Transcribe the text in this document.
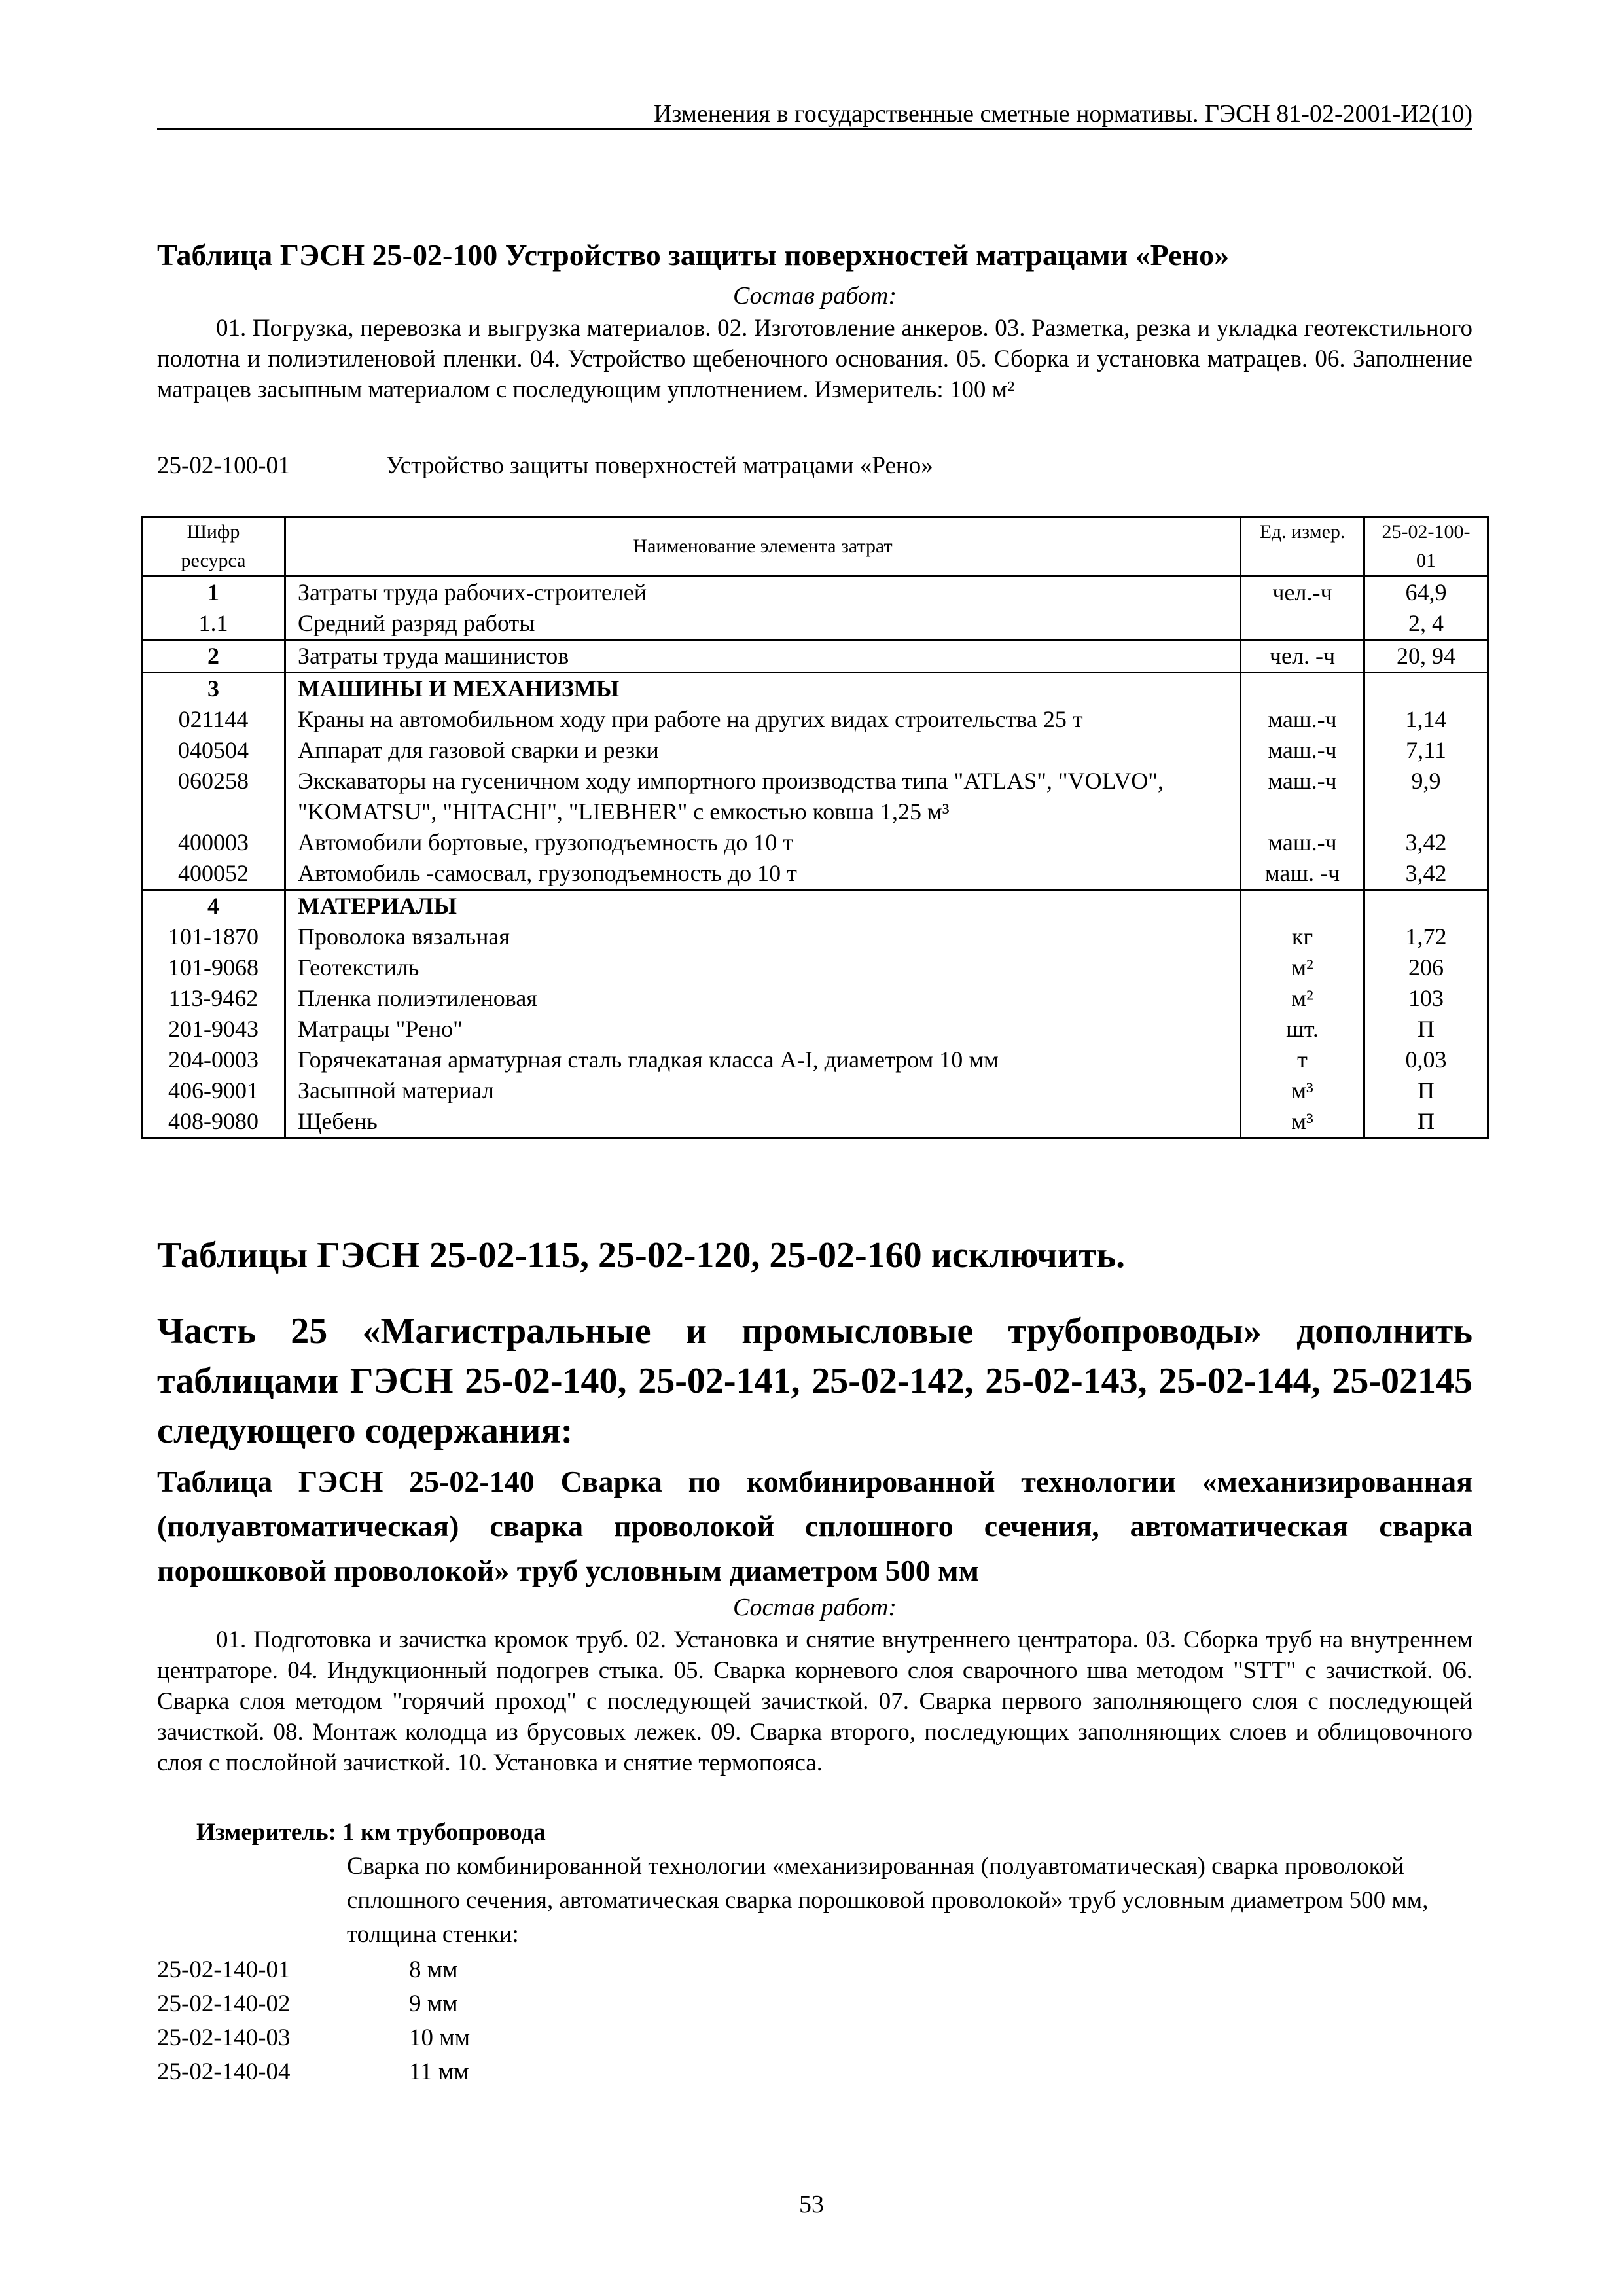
Изменения в государственные сметные нормативы. ГЭСН 81-02-2001-И2(10)
Таблица ГЭСН 25-02-100 Устройство защиты поверхностей матрацами «Рено»
Состав работ:

01. Погрузка, перевозка и выгрузка материалов. 02. Изготовление анкеров. 03. Разметка, резка и укладка геотекстильного полотна и полиэтиленовой пленки. 04. Устройство щебеночного основания. 05. Сборка и установка матрацев. 06. Заполнение матрацев засыпным материалом с последующим уплотнением. Измеритель: 100 м²

25-02-100-01	Устройство защиты поверхностей матрацами «Рено»
Шифр ресурса	Наименование элемента затрат	Ед. измер.	25-02-100-01
1	Затраты труда рабочих-строителей	чел.-ч	64,9
1.1	Средний разряд работы		2, 4
2	Затраты труда машинистов	чел. -ч	20, 94
3	МАШИНЫ И МЕХАНИЗМЫ		
021144	Краны на автомобильном ходу при работе на других видах строительства 25 т	маш.-ч	1,14
040504	Аппарат для газовой сварки и резки	маш.-ч	7,11
060258	Экскаваторы на гусеничном ходу импортного производства типа "ATLAS", "VOLVO", "KOMATSU", "HITACHI", "LIEBHER" с емкостью ковша 1,25 м³	маш.-ч	9,9
400003	Автомобили бортовые, грузоподъемность до 10 т	маш.-ч	3,42
400052	Автомобиль -самосвал, грузоподъемность до 10 т	маш. -ч	3,42
4	МАТЕРИАЛЫ		
101-1870	Проволока вязальная	кг	1,72
101-9068	Геотекстиль	м²	206
113-9462	Пленка полиэтиленовая	м²	103
201-9043	Матрацы "Рено"	шт.	П
204-0003	Горячекатаная арматурная сталь гладкая класса А-I, диаметром 10 мм	т	0,03
406-9001	Засыпной материал	м³	П
408-9080	Щебень	м³	П
Таблицы ГЭСН 25-02-115, 25-02-120, 25-02-160 исключить.
Часть 25 «Магистральные и промысловые трубопроводы» дополнить таблицами ГЭСН 25-02-140, 25-02-141, 25-02-142, 25-02-143, 25-02-144, 25-02145 следующего содержания:
Таблица ГЭСН 25-02-140 Сварка по комбинированной технологии «механизированная (полуавтоматическая) сварка проволокой сплошного сечения, автоматическая сварка порошковой проволокой» труб условным диаметром 500 мм
Состав работ:

01. Подготовка и зачистка кромок труб. 02. Установка и снятие внутреннего центратора. 03. Сборка труб на внутреннем центраторе. 04. Индукционный подогрев стыка. 05. Сварка корневого слоя сварочного шва методом "STT" с зачисткой. 06. Сварка слоя методом "горячий проход" с последующей зачисткой. 07. Сварка первого заполняющего слоя с последующей зачисткой. 08. Монтаж колодца из брусовых лежек. 09. Сварка второго, последующих заполняющих слоев и облицовочного слоя с послойной зачисткой. 10. Установка и снятие термопояса.

Измеритель: 1 км трубопровода
Сварка по комбинированной технологии «механизированная (полуавтоматическая) сварка проволокой сплошного сечения, автоматическая сварка порошковой проволокой» труб условным диаметром 500 мм, толщина стенки:
25-02-140-01	8 мм
25-02-140-02	9 мм
25-02-140-03	10 мм
25-02-140-04	11 мм
53
